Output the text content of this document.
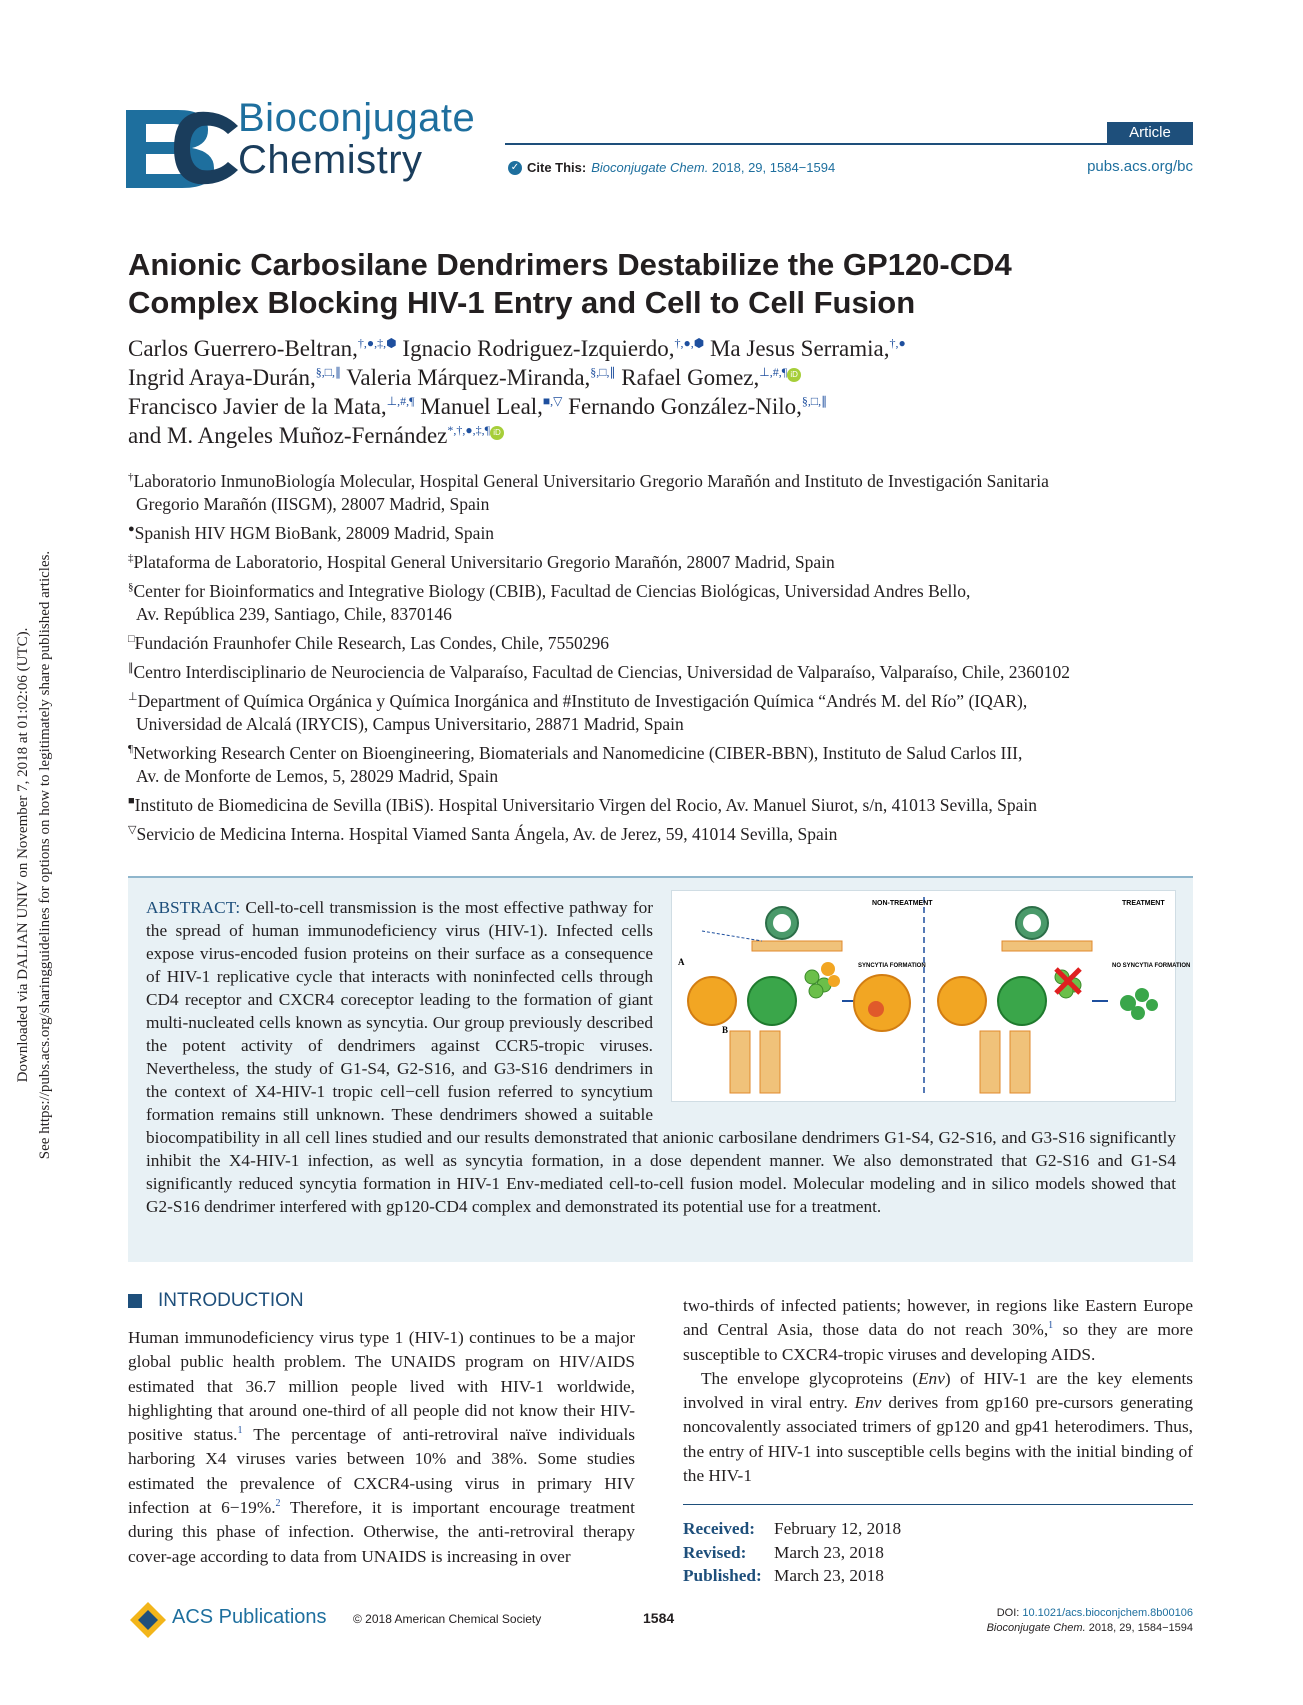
Downloaded via DALIAN UNIV on November 7, 2018 at 01:02:06 (UTC). See https://pubs.acs.org/sharingguidelines for options on how to legitimately share published articles.
Bioconjugate
Chemistry
Article
✓ Cite This: Bioconjugate Chem. 2018, 29, 1584−1594	pubs.acs.org/bc
Anionic Carbosilane Dendrimers Destabilize the GP120-CD4
Complex Blocking HIV-1 Entry and Cell to Cell Fusion
Carlos Guerrero-Beltran,†,●,‡,⬢ Ignacio Rodriguez-Izquierdo,†,●,⬢ Ma Jesus Serramia,†,●
Ingrid Araya-Durán,§,□,∥ Valeria Márquez-Miranda,§,□,∥ Rafael Gomez,⊥,#,¶ iD
Francisco Javier de la Mata,⊥,#,¶ Manuel Leal,■,▽ Fernando González-Nilo,§,□,∥
and M. Angeles Muñoz-Fernández*,†,●,‡,¶ iD
†Laboratorio InmunoBiología Molecular, Hospital General Universitario Gregorio Marañón and Instituto de Investigación Sanitaria
Gregorio Marañón (IISGM), 28007 Madrid, Spain
●Spanish HIV HGM BioBank, 28009 Madrid, Spain
‡Plataforma de Laboratorio, Hospital General Universitario Gregorio Marañón, 28007 Madrid, Spain
§Center for Bioinformatics and Integrative Biology (CBIB), Facultad de Ciencias Biológicas, Universidad Andres Bello,
Av. República 239, Santiago, Chile, 8370146
□Fundación Fraunhofer Chile Research, Las Condes, Chile, 7550296
∥Centro Interdisciplinario de Neurociencia de Valparaíso, Facultad de Ciencias, Universidad de Valparaíso, Valparaíso, Chile, 2360102
⊥Department of Química Orgánica y Química Inorgánica and #Instituto de Investigación Química “Andrés M. del Río” (IQAR),
Universidad de Alcalá (IRYCIS), Campus Universitario, 28871 Madrid, Spain
¶Networking Research Center on Bioengineering, Biomaterials and Nanomedicine (CIBER-BBN), Instituto de Salud Carlos III,
Av. de Monforte de Lemos, 5, 28029 Madrid, Spain
■Instituto de Biomedicina de Sevilla (IBiS). Hospital Universitario Virgen del Rocio, Av. Manuel Siurot, s/n, 41013 Sevilla, Spain
▽Servicio de Medicina Interna. Hospital Viamed Santa Ángela, Av. de Jerez, 59, 41014 Sevilla, Spain
NON-TREATMENT	TREATMENT
A
B
SYNCYTIA FORMATION	NO SYNCYTIA FORMATION
ABSTRACT: Cell-to-cell transmission is the most effective pathway for the spread of human immunodeficiency virus (HIV-1). Infected cells expose virus-encoded fusion proteins on their surface as a consequence of HIV-1 replicative cycle that interacts with noninfected cells through CD4 receptor and CXCR4 coreceptor leading to the formation of giant multi-nucleated cells known as syncytia. Our group previously described the potent activity of dendrimers against CCR5-tropic viruses. Nevertheless, the study of G1-S4, G2-S16, and G3-S16 dendrimers in the context of X4-HIV-1 tropic cell−cell fusion referred to syncytium formation remains still unknown. These dendrimers showed a suitable biocompatibility in all cell lines studied and our results demonstrated that anionic carbosilane dendrimers G1-S4, G2-S16, and G3-S16 significantly inhibit the X4-HIV-1 infection, as well as syncytia formation, in a dose dependent manner. We also demonstrated that G2-S16 and G1-S4 significantly reduced syncytia formation in HIV-1 Env-mediated cell-to-cell fusion model. Molecular modeling and in silico models showed that G2-S16 dendrimer interfered with gp120-CD4 complex and demonstrated its potential use for a treatment.
INTRODUCTION
Human immunodeficiency virus type 1 (HIV-1) continues to be a major global public health problem. The UNAIDS program on HIV/AIDS estimated that 36.7 million people lived with HIV-1 worldwide, highlighting that around one-third of all people did not know their HIV-positive status.$^1$ The percentage of anti-retroviral naïve individuals harboring X4 viruses varies between 10% and 38%. Some studies estimated the prevalence of CXCR4-using virus in primary HIV infection at 6−19%.$^2$ Therefore, it is important encourage treatment during this phase of infection. Otherwise, the anti-retroviral therapy cover-age according to data from UNAIDS is increasing in over
two-thirds of infected patients; however, in regions like Eastern Europe and Central Asia, those data do not reach 30%,$^1$ so they are more susceptible to CXCR4-tropic viruses and developing AIDS.
The envelope glycoproteins (Env) of HIV-1 are the key elements involved in viral entry. Env derives from gp160 pre-cursors generating noncovalently associated trimers of gp120 and gp41 heterodimers. Thus, the entry of HIV-1 into susceptible cells begins with the initial binding of the HIV-1
Received:	February 12, 2018
Revised:	March 23, 2018
Published: March 23, 2018
ACS Publications © 2018 American Chemical Society	1584	DOI: 10.1021/acs.bioconjchem.8b00106
Bioconjugate Chem. 2018, 29, 1584−1594
